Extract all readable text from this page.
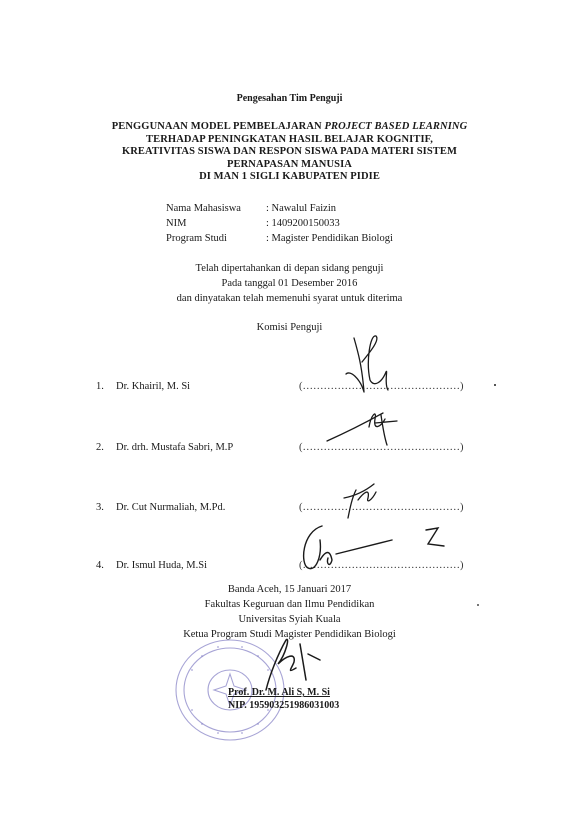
Pengesahan Tim Penguji
PENGGUNAAN MODEL PEMBELAJARAN PROJECT BASED LEARNING
TERHADAP PENINGKATAN HASIL BELAJAR KOGNITIF,
KREATIVITAS SISWA DAN RESPON SISWA PADA MATERI SISTEM
PERNAPASAN MANUSIA
DI MAN 1 SIGLI KABUPATEN PIDIE
Nama Mahasiswa : Nawalul Faizin
NIM	: 1409200150033
Program Studi	: Magister Pendidikan Biologi
Telah dipertahankan di depan sidang penguji
Pada tanggal 01 Desember 2016
dan dinyatakan telah memenuhi syarat untuk diterima
Komisi Penguji
1. Dr. Khairil, M. Si	(………………………………………)
2. Dr. drh. Mustafa Sabri, M.P	(………………………………………)
3. Dr. Cut Nurmaliah, M.Pd.	(………………………………………)
4. Dr. Ismul Huda, M.Si	(………………………………………)
Banda Aceh, 15 Januari 2017
Fakultas Keguruan dan Ilmu Pendidikan
Universitas Syiah Kuala
Ketua Program Studi Magister Pendidikan Biologi
Prof. Dr. M. Ali S, M. Si
NIP. 195903251986031003
